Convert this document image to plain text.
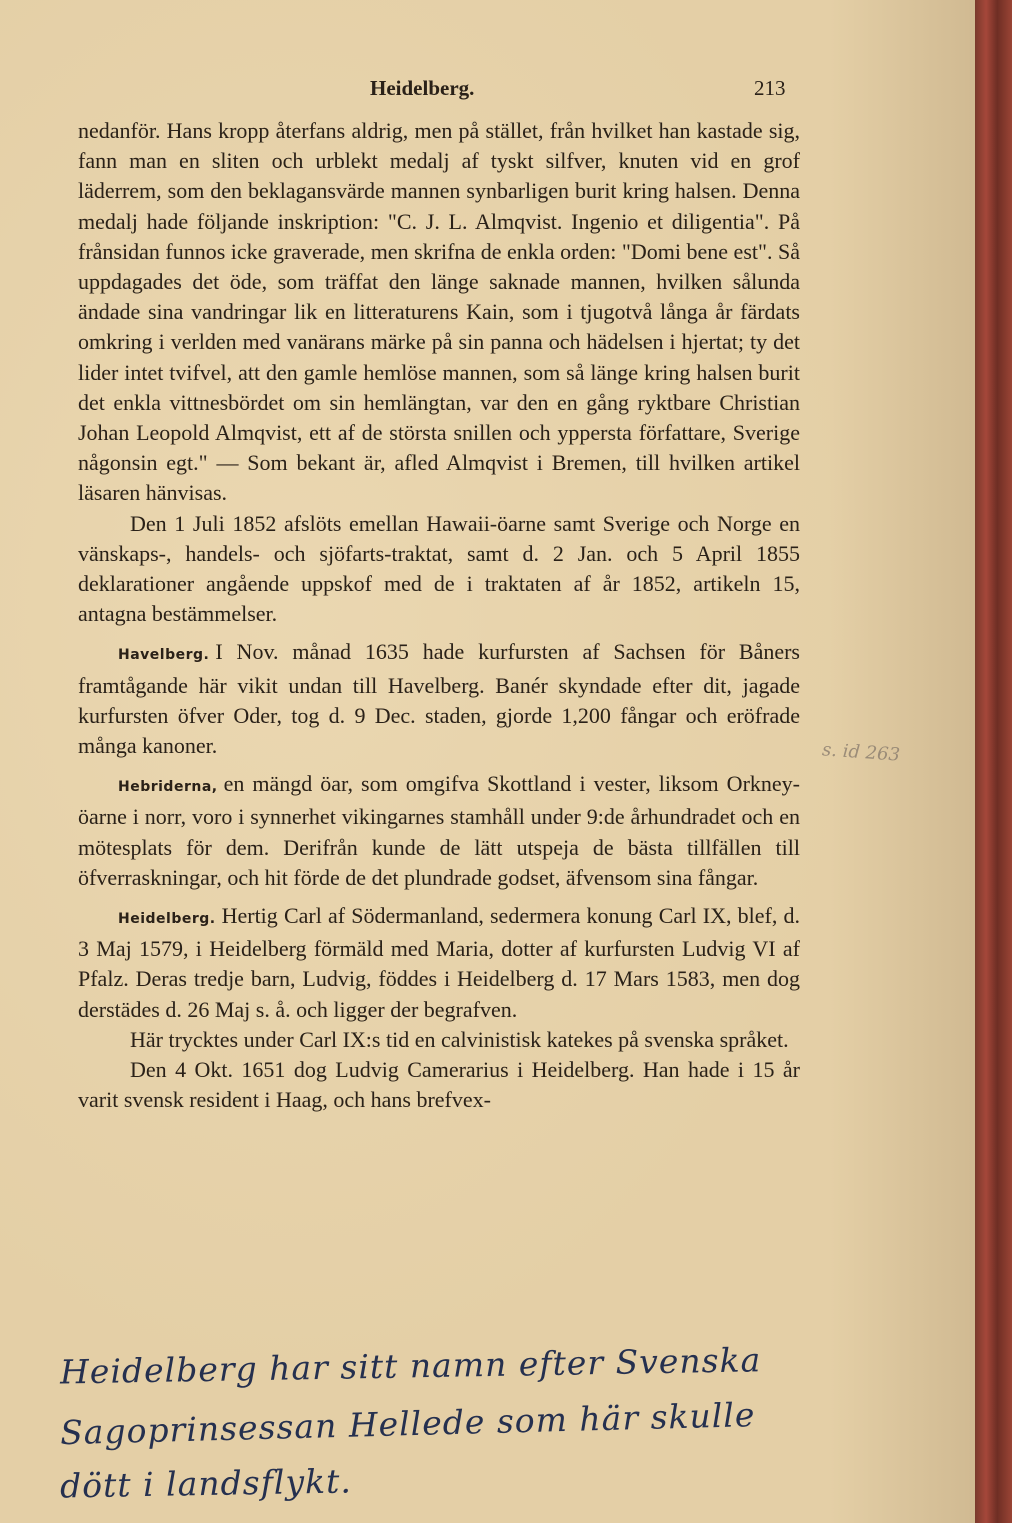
Heidelberg.	213

nedanför. Hans kropp återfans aldrig, men på stället, från hvilket han kastade sig, fann man en sliten och urblekt medalj af tyskt silfver, knuten vid en grof läderrem, som den beklagansvärde mannen synbarligen burit kring halsen. Denna medalj hade följande inskription: "C. J. L. Almqvist. Ingenio et diligentia". På frånsidan funnos icke graverade, men skrifna de enkla orden: "Domi bene est". Så uppdagades det öde, som träffat den länge saknade mannen, hvilken sålunda ändade sina vandringar lik en litteraturens Kain, som i tjugotvå långa år färdats omkring i verlden med vanärans märke på sin panna och hädelsen i hjertat; ty det lider intet tvifvel, att den gamle hemlöse mannen, som så länge kring halsen burit det enkla vittnesbördet om sin hemlängtan, var den en gång ryktbare Christian Johan Leopold Almqvist, ett af de största snillen och yppersta författare, Sverige någonsin egt." — Som bekant är, afled Almqvist i Bremen, till hvilken artikel läsaren hänvisas.

Den 1 Juli 1852 afslöts emellan Hawaii-öarne samt Sverige och Norge en vänskaps-, handels- och sjöfarts-traktat, samt d. 2 Jan. och 5 April 1855 deklarationer angående uppskof med de i traktaten af år 1852, artikeln 15, antagna bestämmelser.

Havelberg. I Nov. månad 1635 hade kurfursten af Sachsen för Båners framtågande här vikit undan till Havelberg. Banér skyndade efter dit, jagade kurfursten öfver Oder, tog d. 9 Dec. staden, gjorde 1,200 fångar och eröfrade många kanoner.

Hebriderna, en mängd öar, som omgifva Skottland i vester, liksom Orkney-öarne i norr, voro i synnerhet vikingarnes stamhåll under 9:de århundradet och en mötesplats för dem. Derifrån kunde de lätt utspeja de bästa tillfällen till öfverraskningar, och hit förde de det plundrade godset, äfvensom sina fångar.

Heidelberg. Hertig Carl af Södermanland, sedermera konung Carl IX, blef, d. 3 Maj 1579, i Heidelberg förmäld med Maria, dotter af kurfursten Ludvig VI af Pfalz. Deras tredje barn, Ludvig, föddes i Heidelberg d. 17 Mars 1583, men dog derstädes d. 26 Maj s. å. och ligger der begrafven.

Här trycktes under Carl IX:s tid en calvinistisk katekes på svenska språket.

Den 4 Okt. 1651 dog Ludvig Camerarius i Heidelberg. Han hade i 15 år varit svensk resident i Haag, och hans brefvex-

s. id 263
Heidelberg har sitt namn efter Svenska
Sagoprinsessan Hellede som här skulle
dött i landsflykt.
